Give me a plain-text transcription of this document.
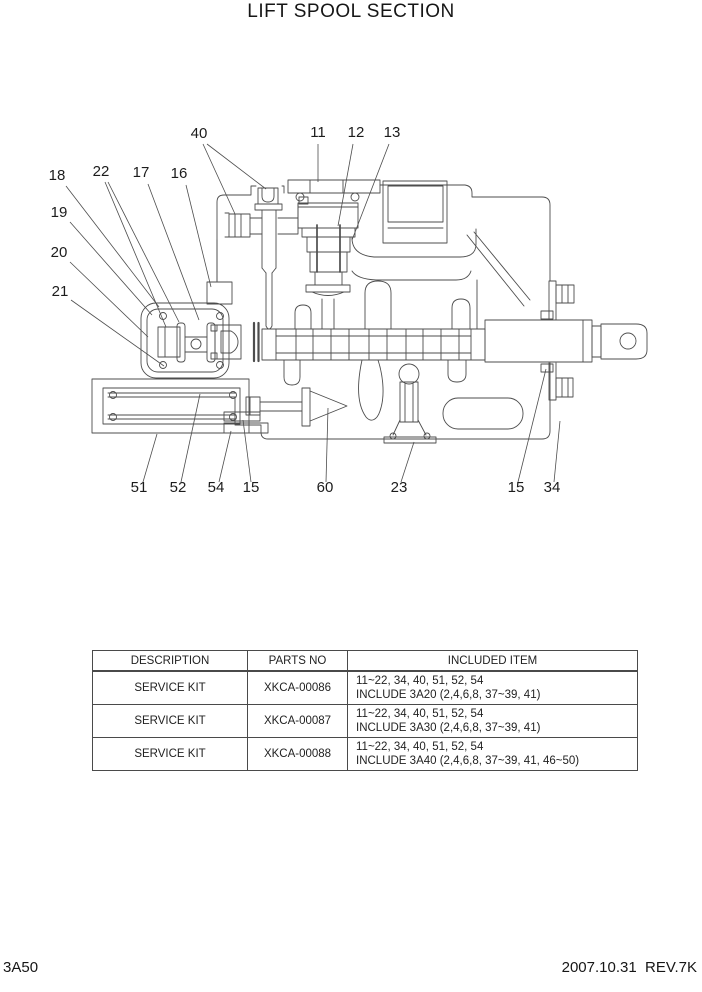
LIFT SPOOL SECTION
40	11 12 13
18 22 17 16
19
20
21
51 52 54 15	60	23	15 34
DESCRIPTION	PARTS NO	INCLUDED ITEM
SERVICE KIT	XKCA-00086	11~22, 34, 40, 51, 52, 54
INCLUDE 3A20 (2,4,6,8, 37~39, 41)

SERVICE KIT	XKCA-00087	11~22, 34, 40, 51, 52, 54
INCLUDE 3A30 (2,4,6,8, 37~39, 41)

SERVICE KIT	XKCA-00088	11~22, 34, 40, 51, 52, 54
INCLUDE 3A40 (2,4,6,8, 37~39, 41, 46~50)
3A50	2007.10.31  REV.7K
